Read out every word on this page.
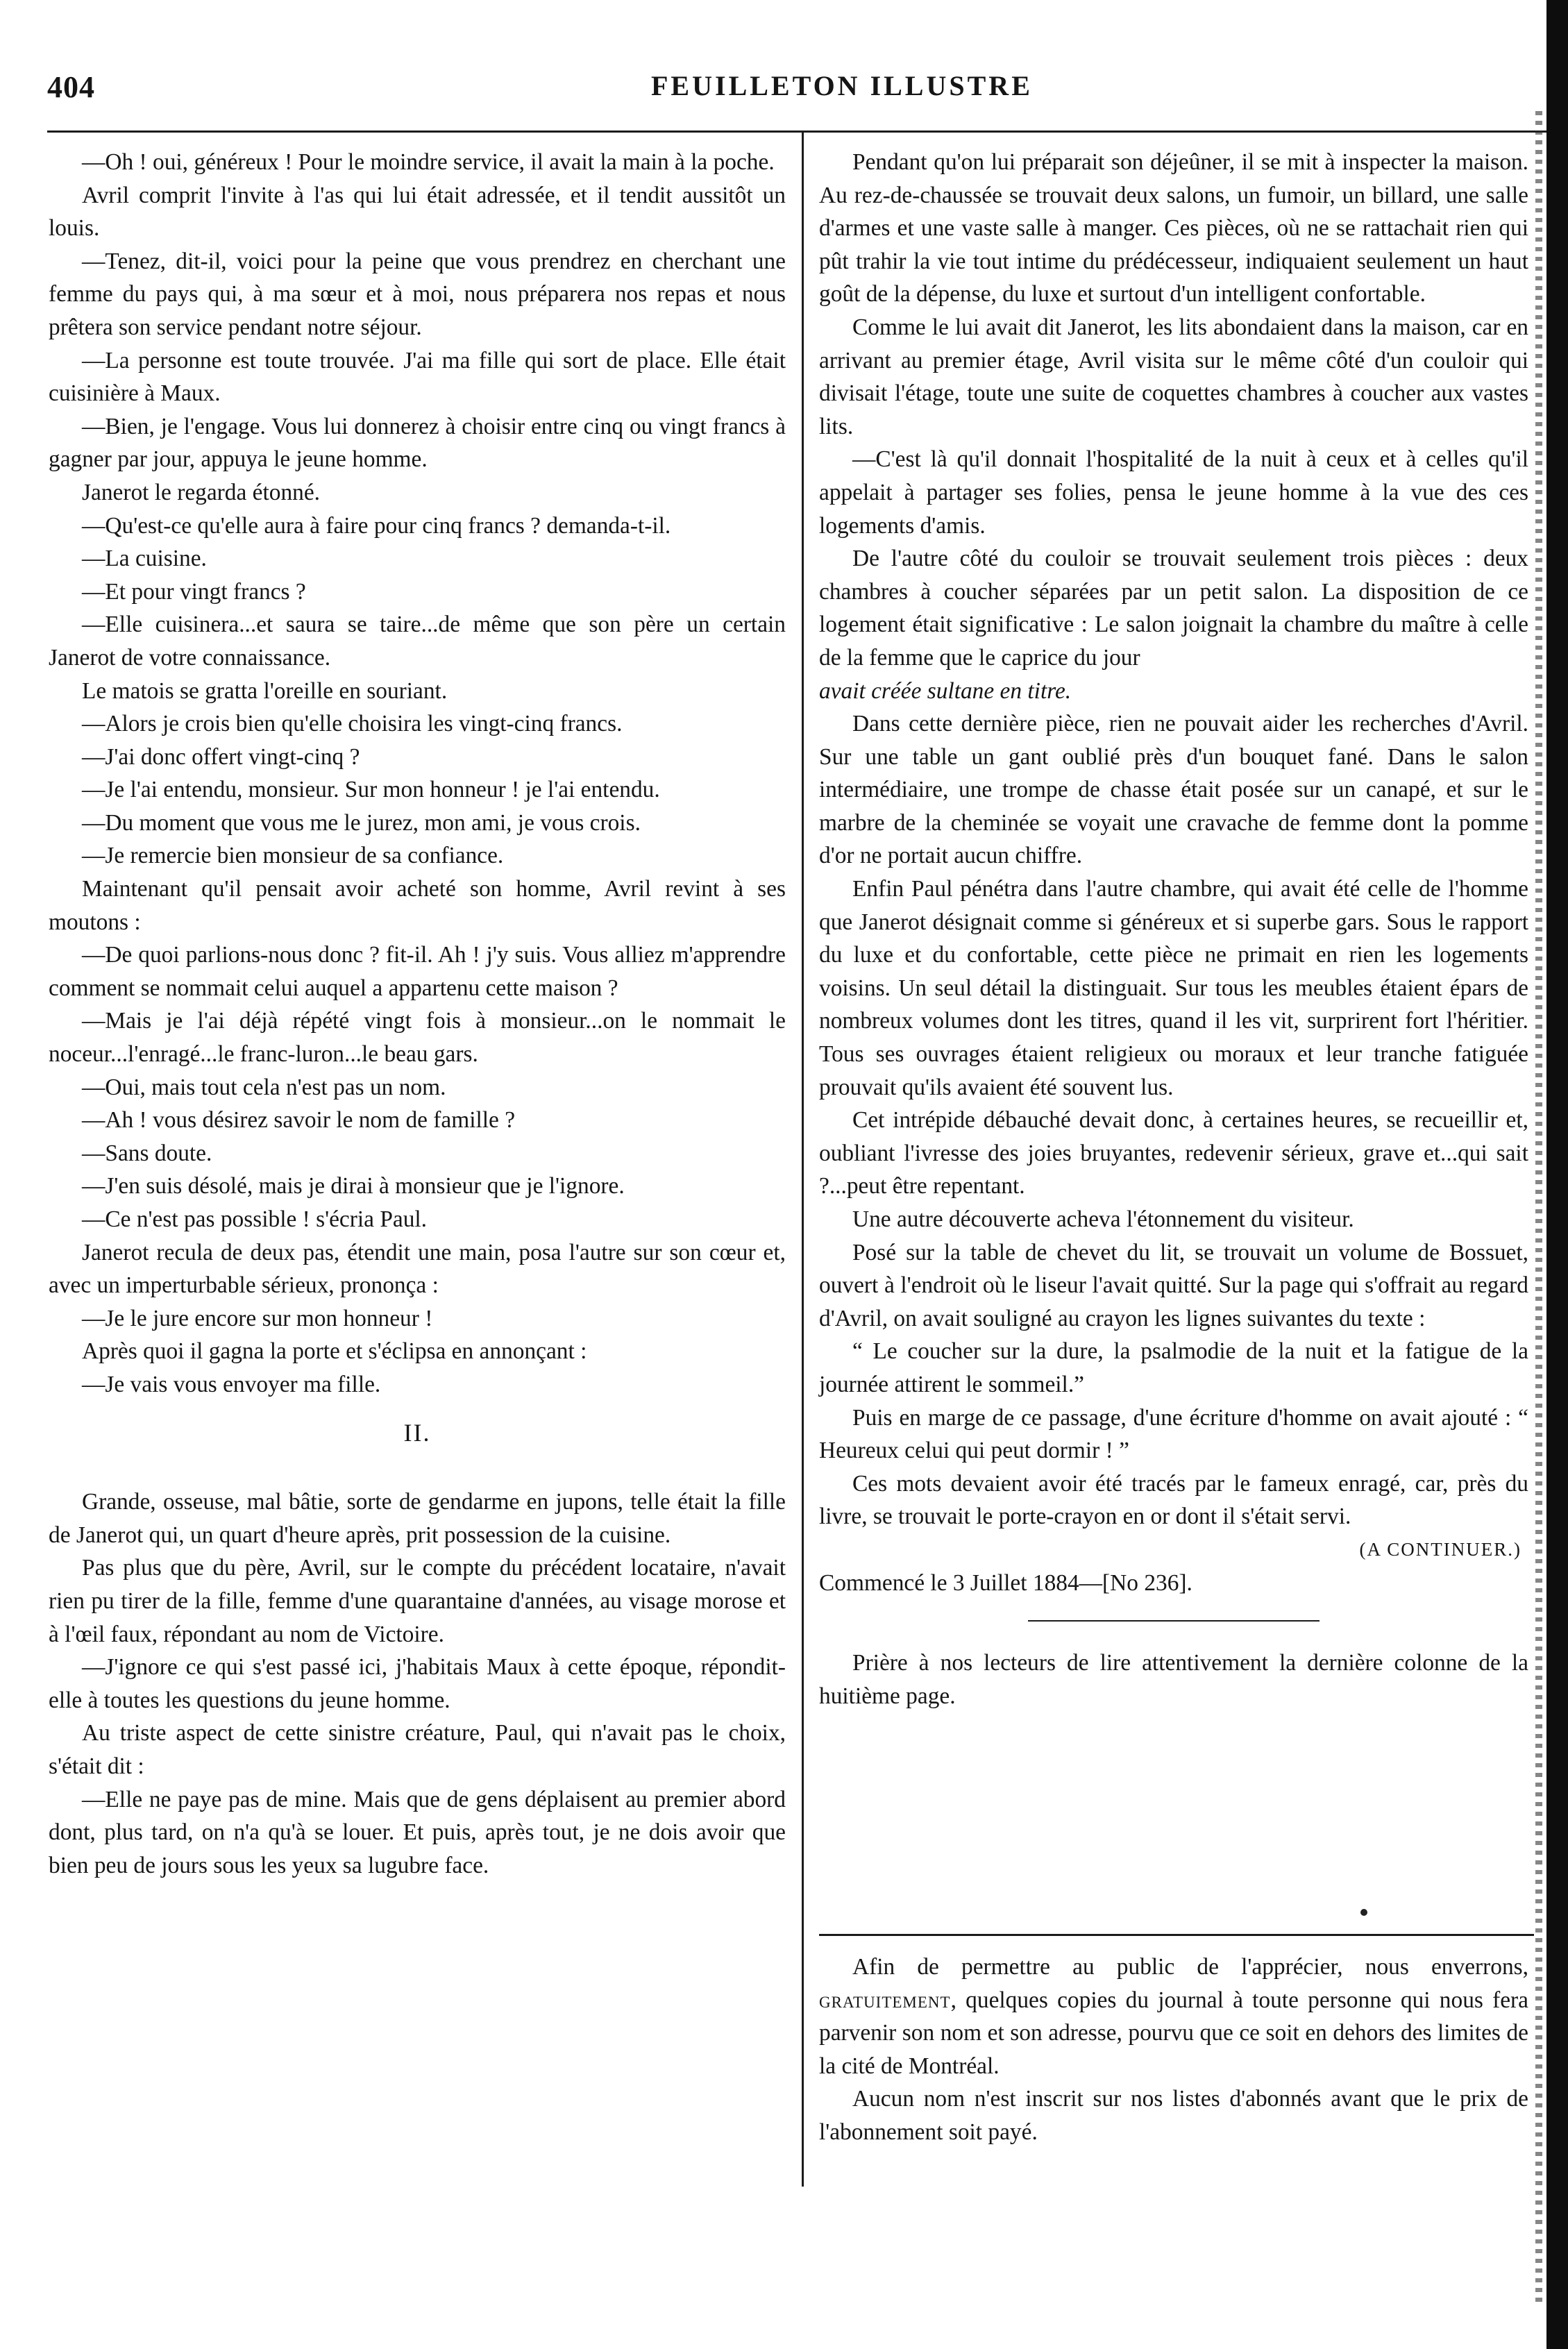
404	FEUILLETON ILLUSTRE

—Oh ! oui, généreux ! Pour le moindre service, il avait la main à la poche.

Avril comprit l'invite à l'as qui lui était adressée, et il tendit aussitôt un louis.

—Tenez, dit-il, voici pour la peine que vous prendrez en cherchant une femme du pays qui, à ma sœur et à moi, nous préparera nos repas et nous prêtera son service pendant notre séjour.

—La personne est toute trouvée. J'ai ma fille qui sort de place. Elle était cuisinière à Maux.

—Bien, je l'engage. Vous lui donnerez à choisir entre cinq ou vingt francs à gagner par jour, appuya le jeune homme.

Janerot le regarda étonné.

—Qu'est-ce qu'elle aura à faire pour cinq francs ? demanda-t-il.

—La cuisine.

—Et pour vingt francs ?

—Elle cuisinera...et saura se taire...de même que son père un certain Janerot de votre connaissance.

Le matois se gratta l'oreille en souriant.

—Alors je crois bien qu'elle choisira les vingt-cinq francs.

—J'ai donc offert vingt-cinq ?

—Je l'ai entendu, monsieur. Sur mon honneur ! je l'ai entendu.

—Du moment que vous me le jurez, mon ami, je vous crois.

—Je remercie bien monsieur de sa confiance.

Maintenant qu'il pensait avoir acheté son homme, Avril revint à ses moutons :

—De quoi parlions-nous donc ? fit-il. Ah ! j'y suis. Vous alliez m'apprendre comment se nommait celui auquel a appartenu cette maison ?

—Mais je l'ai déjà répété vingt fois à monsieur...on le nommait le noceur...l'enragé...le franc-luron...le beau gars.

—Oui, mais tout cela n'est pas un nom.

—Ah ! vous désirez savoir le nom de famille ?

—Sans doute.

—J'en suis désolé, mais je dirai à monsieur que je l'ignore.

—Ce n'est pas possible ! s'écria Paul.

Janerot recula de deux pas, étendit une main, posa l'autre sur son cœur et, avec un imperturbable sérieux, prononça :

—Je le jure encore sur mon honneur !

Après quoi il gagna la porte et s'éclipsa en annonçant :

—Je vais vous envoyer ma fille.

II.

Grande, osseuse, mal bâtie, sorte de gendarme en jupons, telle était la fille de Janerot qui, un quart d'heure après, prit possession de la cuisine.

Pas plus que du père, Avril, sur le compte du précédent locataire, n'avait rien pu tirer de la fille, femme d'une quarantaine d'années, au visage morose et à l'œil faux, répondant au nom de Victoire.

—J'ignore ce qui s'est passé ici, j'habitais Maux à cette époque, répondit-elle à toutes les questions du jeune homme.

Au triste aspect de cette sinistre créature, Paul, qui n'avait pas le choix, s'était dit :

—Elle ne paye pas de mine. Mais que de gens déplaisent au premier abord dont, plus tard, on n'a qu'à se louer. Et puis, après tout, je ne dois avoir que bien peu de jours sous les yeux sa lugubre face.

Pendant qu'on lui préparait son déjeûner, il se mit à inspecter la maison. Au rez-de-chaussée se trouvait deux salons, un fumoir, un billard, une salle d'armes et une vaste salle à manger. Ces pièces, où ne se rattachait rien qui pût trahir la vie tout intime du prédécesseur, indiquaient seulement un haut goût de la dépense, du luxe et surtout d'un intelligent confortable.

Comme le lui avait dit Janerot, les lits abondaient dans la maison, car en arrivant au premier étage, Avril visita sur le même côté d'un couloir qui divisait l'étage, toute une suite de coquettes chambres à coucher aux vastes lits.

—C'est là qu'il donnait l'hospitalité de la nuit à ceux et à celles qu'il appelait à partager ses folies, pensa le jeune homme à la vue des ces logements d'amis.

De l'autre côté du couloir se trouvait seulement trois pièces : deux chambres à coucher séparées par un petit salon. La disposition de ce logement était significative : Le salon joignait la chambre du maître à celle de la femme que le caprice du jour

avait créée sultane en titre.

Dans cette dernière pièce, rien ne pouvait aider les recherches d'Avril. Sur une table un gant oublié près d'un bouquet fané. Dans le salon intermédiaire, une trompe de chasse était posée sur un canapé, et sur le marbre de la cheminée se voyait une cravache de femme dont la pomme d'or ne portait aucun chiffre.

Enfin Paul pénétra dans l'autre chambre, qui avait été celle de l'homme que Janerot désignait comme si généreux et si superbe gars. Sous le rapport du luxe et du confortable, cette pièce ne primait en rien les logements voisins. Un seul détail la distinguait. Sur tous les meubles étaient épars de nombreux volumes dont les titres, quand il les vit, surprirent fort l'héritier. Tous ses ouvrages étaient religieux ou moraux et leur tranche fatiguée prouvait qu'ils avaient été souvent lus.

Cet intrépide débauché devait donc, à certaines heures, se recueillir et, oubliant l'ivresse des joies bruyantes, redevenir sérieux, grave et...qui sait ?...peut être repentant.

Une autre découverte acheva l'étonnement du visiteur.

Posé sur la table de chevet du lit, se trouvait un volume de Bossuet, ouvert à l'endroit où le liseur l'avait quitté. Sur la page qui s'offrait au regard d'Avril, on avait souligné au crayon les lignes suivantes du texte :

“ Le coucher sur la dure, la psalmodie de la nuit et la fatigue de la journée attirent le sommeil.”

Puis en marge de ce passage, d'une écriture d'homme on avait ajouté : “ Heureux celui qui peut dormir ! ”

Ces mots devaient avoir été tracés par le fameux enragé, car, près du livre, se trouvait le porte-crayon en or dont il s'était servi.

(A CONTINUER.)

Commencé le 3 Juillet 1884—[No 236].

Prière à nos lecteurs de lire attentivement la dernière colonne de la huitième page.

Afin de permettre au public de l'apprécier, nous enverrons, gratuitement, quelques copies du journal à toute personne qui nous fera parvenir son nom et son adresse, pourvu que ce soit en dehors des limites de la cité de Montréal.

Aucun nom n'est inscrit sur nos listes d'abonnés avant que le prix de l'abonnement soit payé.
